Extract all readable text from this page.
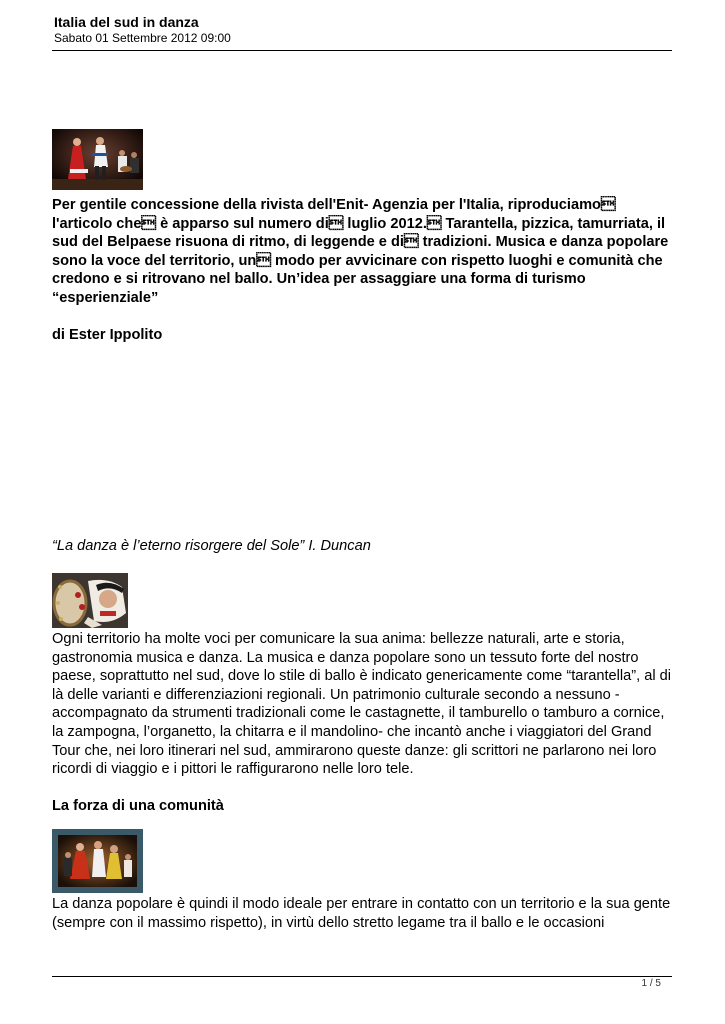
Italia del sud in danza
Sabato 01 Settembre 2012 09:00
Per gentile concessione della rivista dell'Enit- Agenzia per l'Italia, riproduciamo l'articolo che è apparso sul numero di luglio 2012. Tarantella, pizzica, tamurriata, il sud del Belpaese risuona di ritmo, di leggende e di tradizioni. Musica e danza popolare sono la voce del territorio, un modo per avvicinare con rispetto luoghi e comunità che credono e si ritrovano nel ballo. Un’idea per assaggiare una forma di turismo “esperienziale”
di Ester Ippolito
“La danza è l’eterno risorgere del Sole” I. Duncan
Ogni territorio ha molte voci per comunicare la sua anima: bellezze naturali, arte e storia, gastronomia musica e danza. La musica e danza popolare sono un tessuto forte del nostro paese, soprattutto nel sud, dove lo stile di ballo è indicato genericamente come “tarantella”, al di là delle varianti e differenziazioni regionali. Un patrimonio culturale secondo a nessuno - accompagnato da strumenti tradizionali come le castagnette, il tamburello o tamburo a cornice, la zampogna, l’organetto, la chitarra e il mandolino- che incantò anche i viaggiatori del Grand Tour che, nei loro itinerari nel sud, ammirarono queste danze: gli scrittori ne parlarono nei loro ricordi di viaggio e i pittori le raffigurarono nelle loro tele.
La forza di una comunità
La danza popolare è quindi il modo ideale per entrare in contatto con un territorio e la sua gente (sempre con il massimo rispetto), in virtù dello stretto legame tra il ballo e le occasioni
1 / 5
